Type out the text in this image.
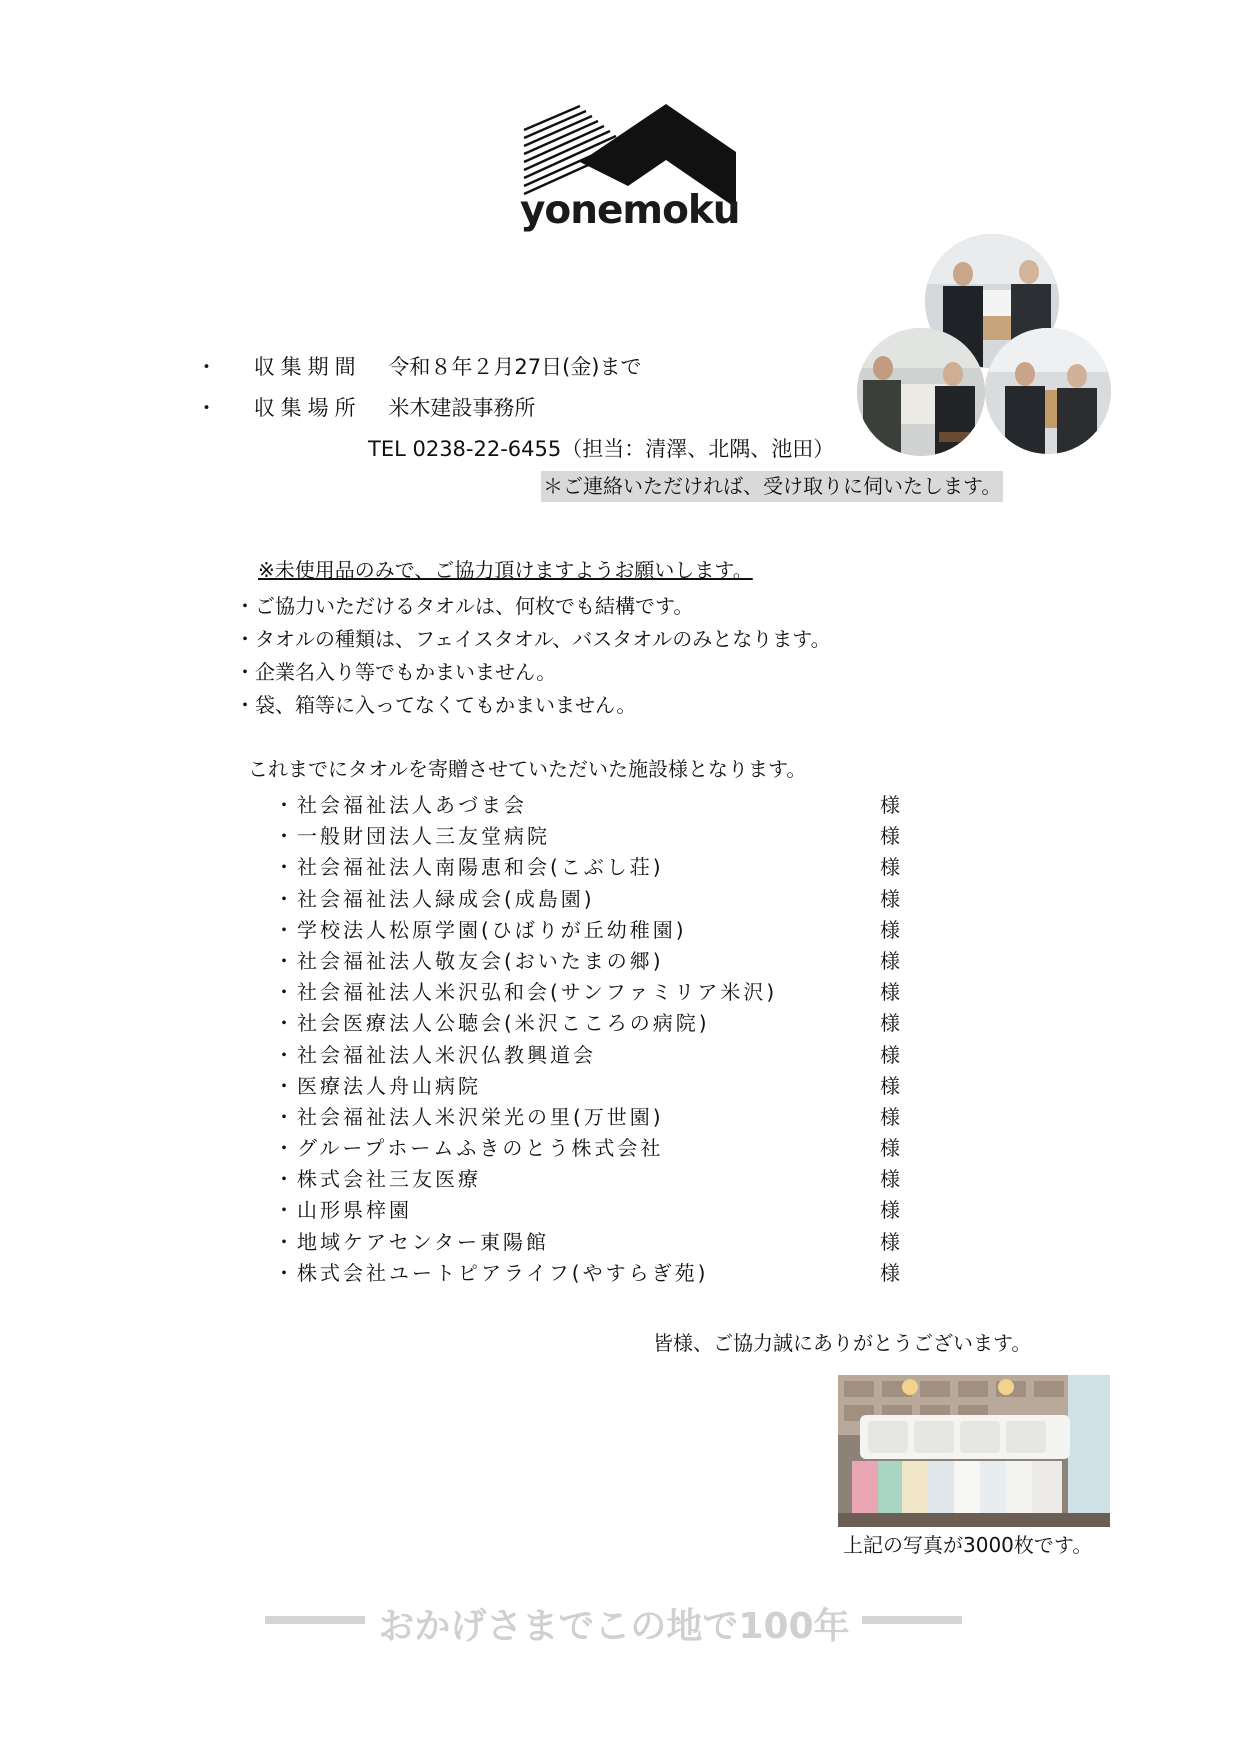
yonemoku
・ 収集期間 令和８年２月27日(金)まで
・ 収集場所 米木建設事務所
TEL 0238-22-6455（担当：清澤、北隅、池田）
＊ご連絡いただければ、受け取りに伺いたします。
※未使用品のみで、ご協力頂けますようお願いします。
・ご協力いただけるタオルは、何枚でも結構です。
・タオルの種類は、フェイスタオル、バスタオルのみとなります。
・企業名入り等でもかまいません。
・袋、箱等に入ってなくてもかまいません。
これまでにタオルを寄贈させていただいた施設様となります。
・社会福祉法人あづま会	様
・一般財団法人三友堂病院	様
・社会福祉法人南陽恵和会(こぶし荘)	様
・社会福祉法人緑成会(成島園)	様
・学校法人松原学園(ひばりが丘幼稚園)	様
・社会福祉法人敬友会(おいたまの郷)	様
・社会福祉法人米沢弘和会(サンファミリア米沢)	様
・社会医療法人公聴会(米沢こころの病院)	様
・社会福祉法人米沢仏教興道会	様
・医療法人舟山病院	様
・社会福祉法人米沢栄光の里(万世園)	様
・グループホームふきのとう株式会社	様
・株式会社三友医療	様
・山形県梓園	様
・地域ケアセンター東陽館	様
・株式会社ユートピアライフ(やすらぎ苑)	様
皆様、ご協力誠にありがとうございます。
上記の写真が3000枚です。
おかげさまでこの地で100年
